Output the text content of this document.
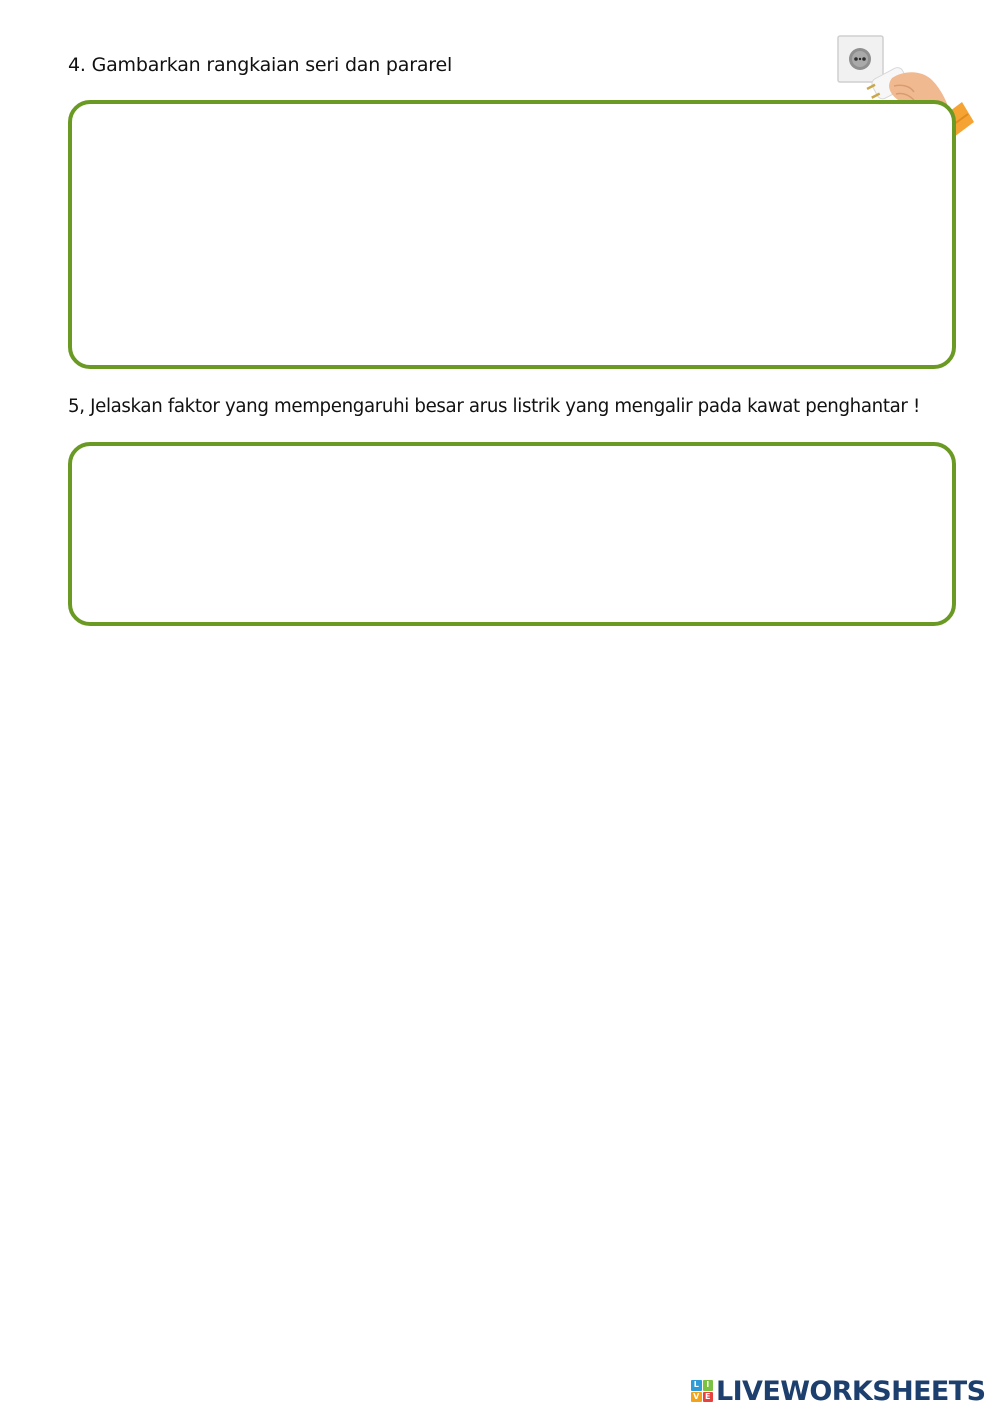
4. Gambarkan rangkaian seri dan pararel
5, Jelaskan faktor yang mempengaruhi besar arus listrik yang mengalir pada kawat penghantar !
L I
V E LIVEWORKSHEETS
